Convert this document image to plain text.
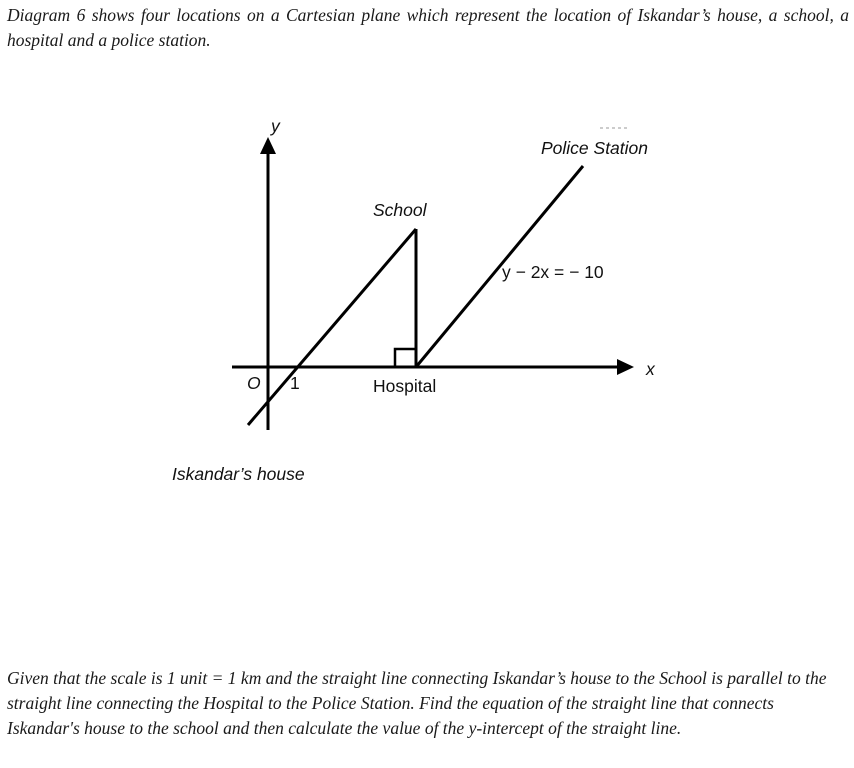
Diagram 6 shows four locations on a Cartesian plane which represent the location of Iskandar’s house, a school, a hospital and a police station.

y
x
O 1
School
Hospital
Police Station
y − 2x = − 10
Iskandar’s house

Given that the scale is 1 unit = 1 km and the straight line connecting Iskandar’s house to the School is parallel to the straight line connecting the Hospital to the Police Station. Find the equation of the straight line that connects Iskandar's house to the school and then calculate the value of the y-intercept of the straight line.
